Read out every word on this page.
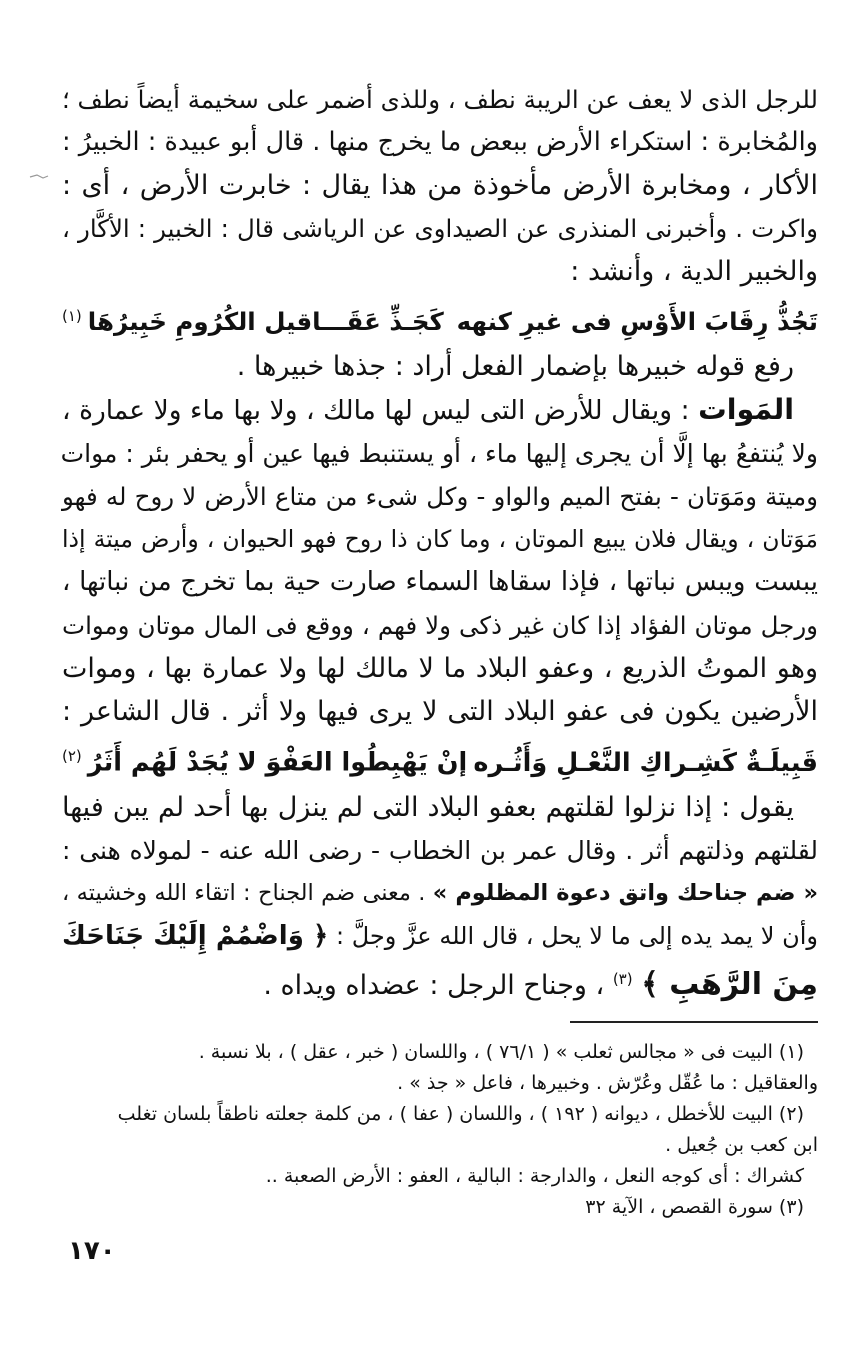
للرجل الذى لا يعف عن الريبة نطف ، وللذى أضمر على سخيمة أيضاً نطف ؛
والمُخابرة : استكراء الأرض ببعض ما يخرج منها . قال أبو عبيدة : الخبيرُ :
الأكار ، ومخابرة الأرض مأخوذة من هذا يقال : خابرت الأرض ، أى :
واكرت . وأخبرنى المنذرى عن الصيداوى عن الرياشى قال : الخبير : الأكَّار ،
والخبير الدية ، وأنشد :
تَجُذُّ رِقَابَ الأَوْسِ فى غيرِ كنهه
كَجَـذِّ عَقَـــاقيل الكُرُومِ خَبِيرُهَا$^{(١)}$
رفع قوله خبيرها بإضمار الفعل أراد : جذها خبيرها .
المَوات : ويقال للأرض التى ليس لها مالك ، ولا بها ماء ولا عمارة ،
ولا يُنتفعُ بها إلَّا أن يجرى إليها ماء ، أو يستنبط فيها عين أو يحفر بئر : موات
وميتة ومَوَتان - بفتح الميم والواو - وكل شىء من متاع الأرض لا روح له فهو
مَوَتان ، ويقال فلان يبيع الموتان ، وما كان ذا روح فهو الحيوان ، وأرض ميتة إذا
يبست ويبس نباتها ، فإذا سقاها السماء صارت حية بما تخرج من نباتها ،
ورجل موتان الفؤاد إذا كان غير ذكى ولا فهم ، ووقع فى المال موتان وموات
وهو الموتُ الذريع ، وعفو البلاد ما لا مالك لها ولا عمارة بها ، وموات
الأرضين يكون فى عفو البلاد التى لا يرى فيها ولا أثر . قال الشاعر :
قَبِيلَـةٌ كَشِـراكِ النَّعْـلِ وَأَثُـره
إنْ يَهْبِطُوا العَفْوَ لا يُجَدْ لَهُم أَثَرُ$^{(٢)}$
يقول : إذا نزلوا لقلتهم بعفو البلاد التى لم ينزل بها أحد لم يبن فيها
لقلتهم وذلتهم أثر . وقال عمر بن الخطاب - رضى الله عنه - لمولاه هنى :
« ضم جناحك واتق دعوة المظلوم » . معنى ضم الجناح : اتقاء الله وخشيته ،
وأن لا يمد يده إلى ما لا يحل ، قال الله عزَّ وجلَّ : ﴿ وَاضْمُمْ إِلَيْكَ جَنَاحَكَ
مِنَ الرَّهَبِ ﴾ $^{(٣)}$ ، وجناح الرجل : عضداه ويداه .
(١) البيت فى « مجالس ثعلب » ( ٧٦/١ ) ، واللسان ( خبر ، عقل ) ، بلا نسبة .
والعقاقيل : ما عُقّل وعُرّش . وخبيرها ، فاعل « جذ » .
(٢) البيت للأخطل ، ديوانه ( ١٩٢ ) ، واللسان ( عفا ) ، من كلمة جعلته ناطقاً بلسان تغلب
ابن كعب بن جُعيل .
كشراك : أى كوجه النعل ، والدارجة : البالية ، العفو : الأرض الصعبة ..
(٣) سورة القصص ، الآية ٣٢
١٧٠
